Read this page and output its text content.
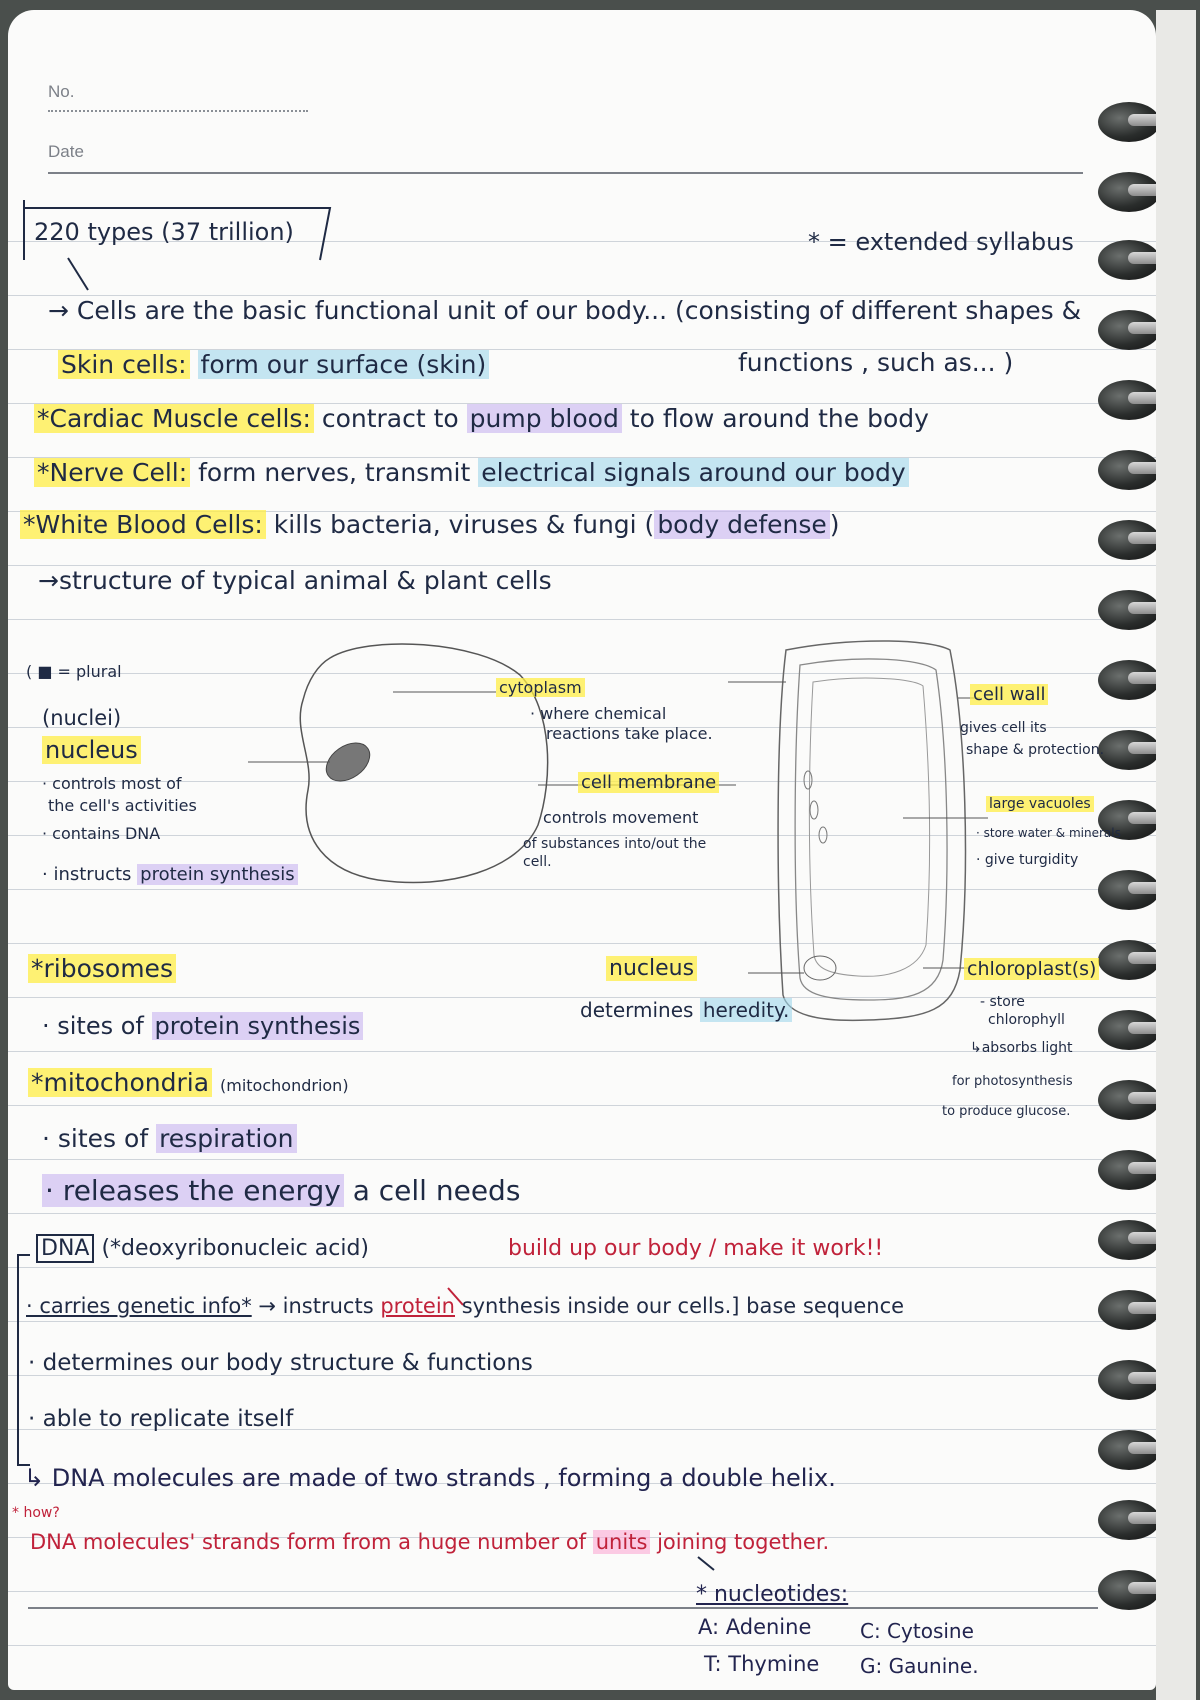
No.
Date
220 types (37 trillion)	* = extended syllabus
→ Cells are the basic functional unit of our body... (consisting of different shapes &
Skin cells: form our surface (skin)	functions , such as... )
*Cardiac Muscle cells: contract to pump blood to flow around the body
*Nerve Cell: form nerves, transmit electrical signals around our body
*White Blood Cells: kills bacteria, viruses & fungi ( body defense )
→structure of typical animal & plant cells
( ■ = plural
(nuclei)
nucleus
· controls most of
the cell's activities
· contains DNA
· instructs protein synthesis
cytoplasm
· where chemical
reactions take place.
cell membrane
controls movement
of substances into/out the
cell.
cell wall
gives cell its
shape & protection.
large vacuoles
· store water & minerals
· give turgidity
nucleus
determines heredity.
chloroplast(s)
- store
chlorophyll
↳absorbs light
for photosynthesis
to produce glucose.
*ribosomes
· sites of protein synthesis
*mitochondria (mitochondrion)
· sites of respiration
· releases the energy a cell needs
DNA (*deoxyribonucleic acid)	build up our body / make it work!!
· carries genetic info* → instructs protein synthesis inside our cells.] base sequence
· determines our body structure & functions
· able to replicate itself
↳ DNA molecules are made of two strands , forming a double helix.
* how?
DNA molecules' strands form from a huge number of units joining together.
* nucleotides:
A: Adenine C: Cytosine
T: Thymine G: Gaunine.
